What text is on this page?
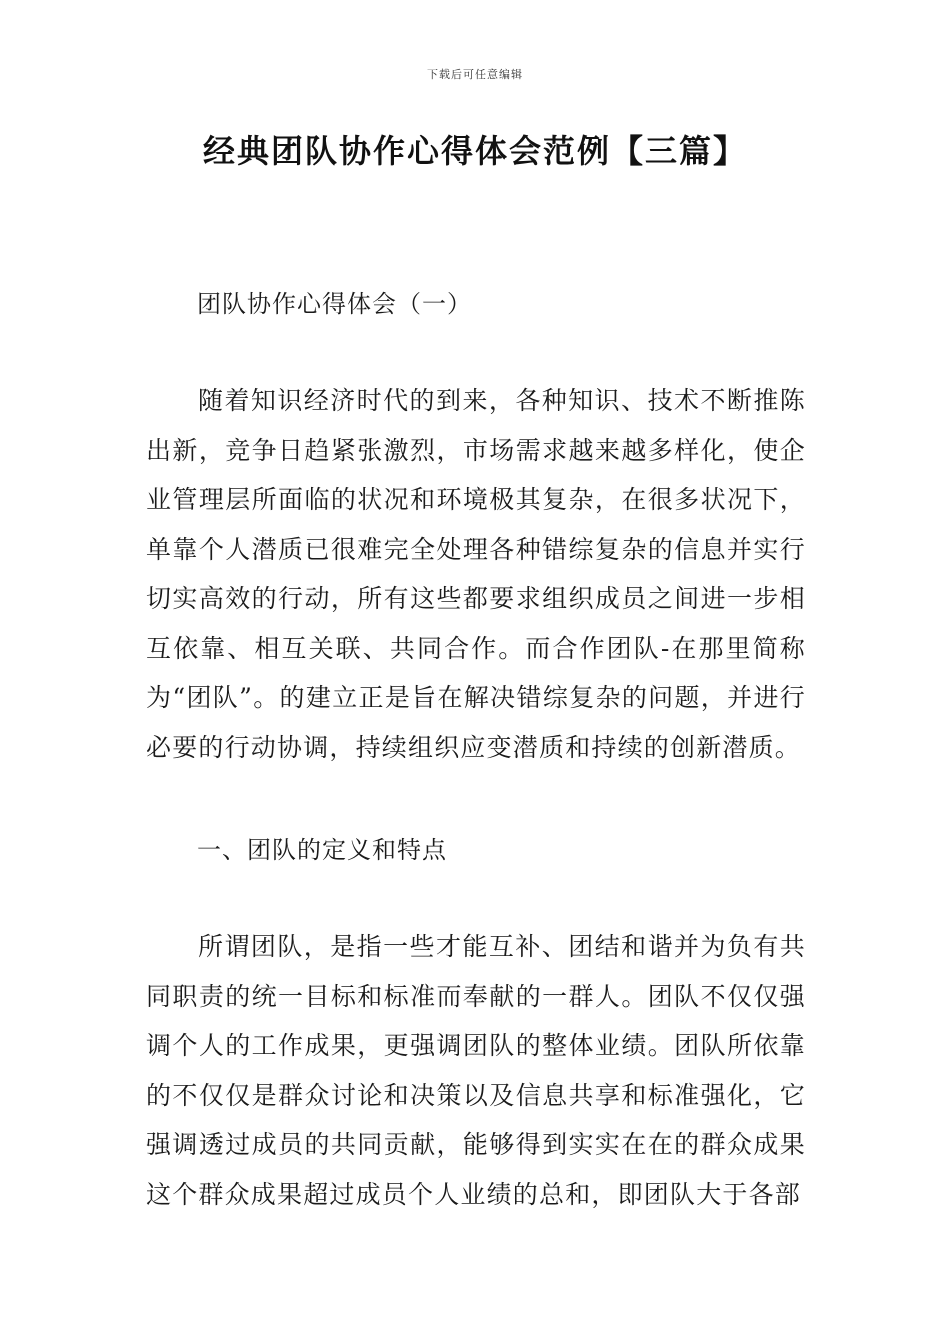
下载后可任意编辑
经典团队协作心得体会范例【三篇】
团队协作心得体会（一）

随着知识经济时代的到来，各种知识、技术不断推陈出新，竞争日趋紧张激烈，市场需求越来越多样化，使企业管理层所面临的状况和环境极其复杂，在很多状况下，单靠个人潜质已很难完全处理各种错综复杂的信息并实行切实高效的行动，所有这些都要求组织成员之间进一步相互依靠、相互关联、共同合作。而合作团队-在那里简称为“团队”。的建立正是旨在解决错综复杂的问题，并进行必要的行动协调，持续组织应变潜质和持续的创新潜质。

一、团队的定义和特点

所谓团队，是指一些才能互补、团结和谐并为负有共同职责的统一目标和标准而奉献的一群人。团队不仅仅强调个人的工作成果，更强调团队的整体业绩。团队所依靠的不仅仅是群众讨论和决策以及信息共享和标准强化，它强调透过成员的共同贡献，能够得到实实在在的群众成果这个群众成果超过成员个人业绩的总和，即团队大于各部
